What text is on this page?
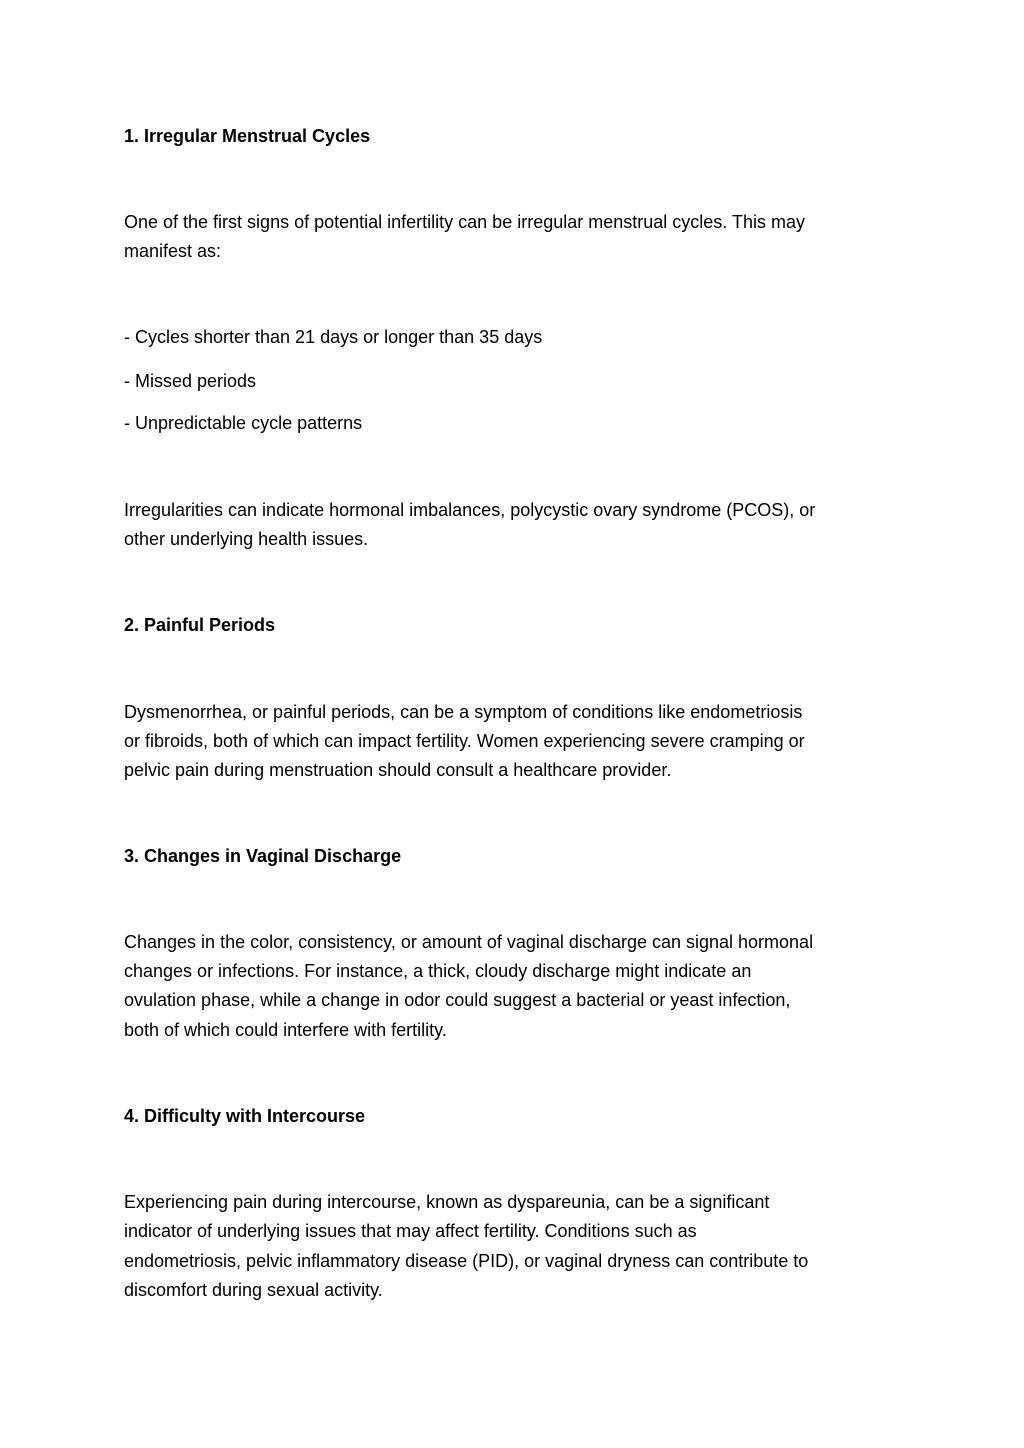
1. Irregular Menstrual Cycles

One of the first signs of potential infertility can be irregular menstrual cycles. This may

manifest as:

- Cycles shorter than 21 days or longer than 35 days

- Missed periods

- Unpredictable cycle patterns

Irregularities can indicate hormonal imbalances, polycystic ovary syndrome (PCOS), or

other underlying health issues.

2. Painful Periods

Dysmenorrhea, or painful periods, can be a symptom of conditions like endometriosis

or fibroids, both of which can impact fertility. Women experiencing severe cramping or

pelvic pain during menstruation should consult a healthcare provider.

3. Changes in Vaginal Discharge

Changes in the color, consistency, or amount of vaginal discharge can signal hormonal

changes or infections. For instance, a thick, cloudy discharge might indicate an

ovulation phase, while a change in odor could suggest a bacterial or yeast infection,

both of which could interfere with fertility.

4. Difficulty with Intercourse

Experiencing pain during intercourse, known as dyspareunia, can be a significant

indicator of underlying issues that may affect fertility. Conditions such as

endometriosis, pelvic inflammatory disease (PID), or vaginal dryness can contribute to

discomfort during sexual activity.
